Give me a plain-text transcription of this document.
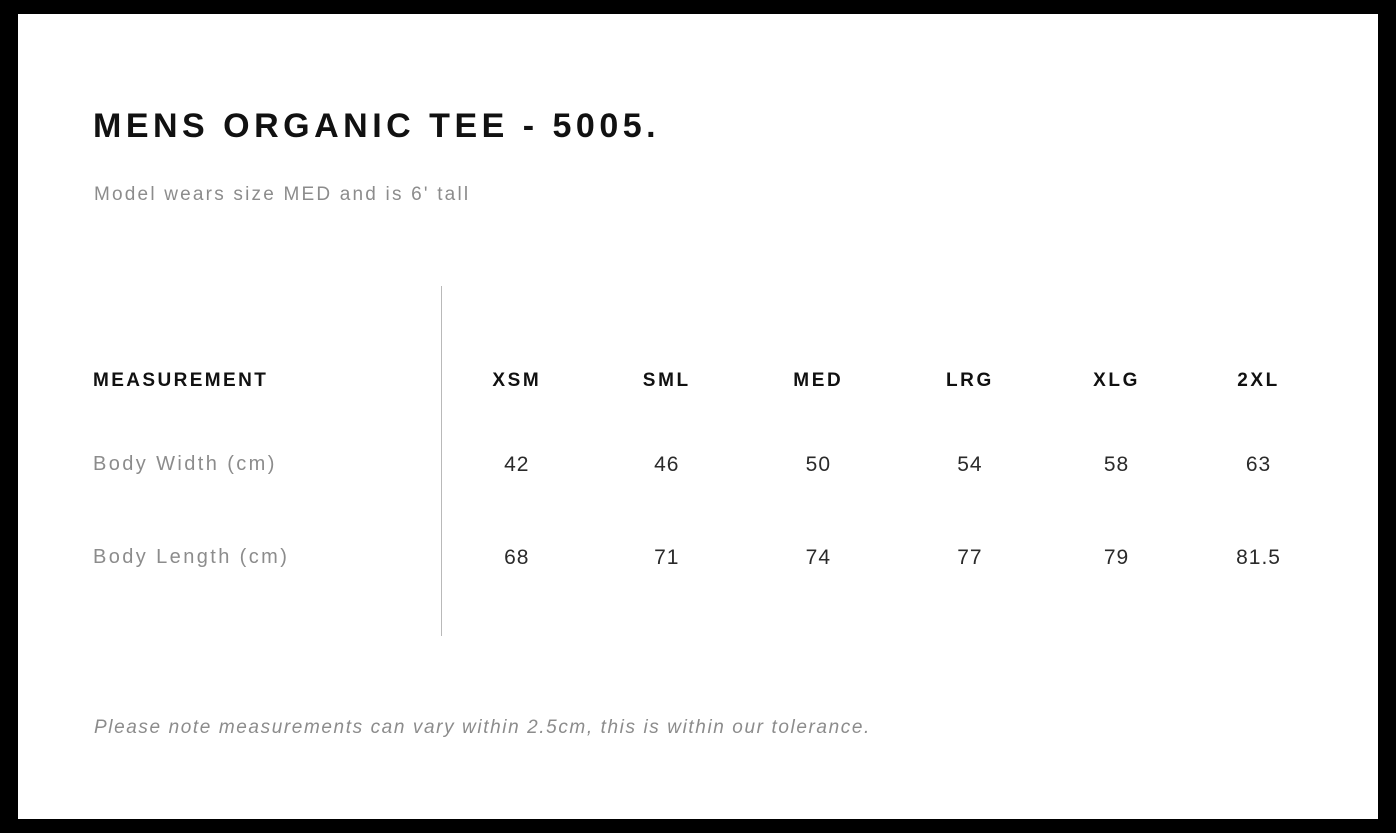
MENS ORGANIC TEE - 5005.
Model wears size MED and is 6' tall
MEASUREMENT	XSM	SML	MED	LRG	XLG	2XL
Body Width (cm)	42	46	50	54	58	63
Body Length (cm)	68	71	74	77	79	81.5
Please note measurements can vary within 2.5cm, this is within our tolerance.
